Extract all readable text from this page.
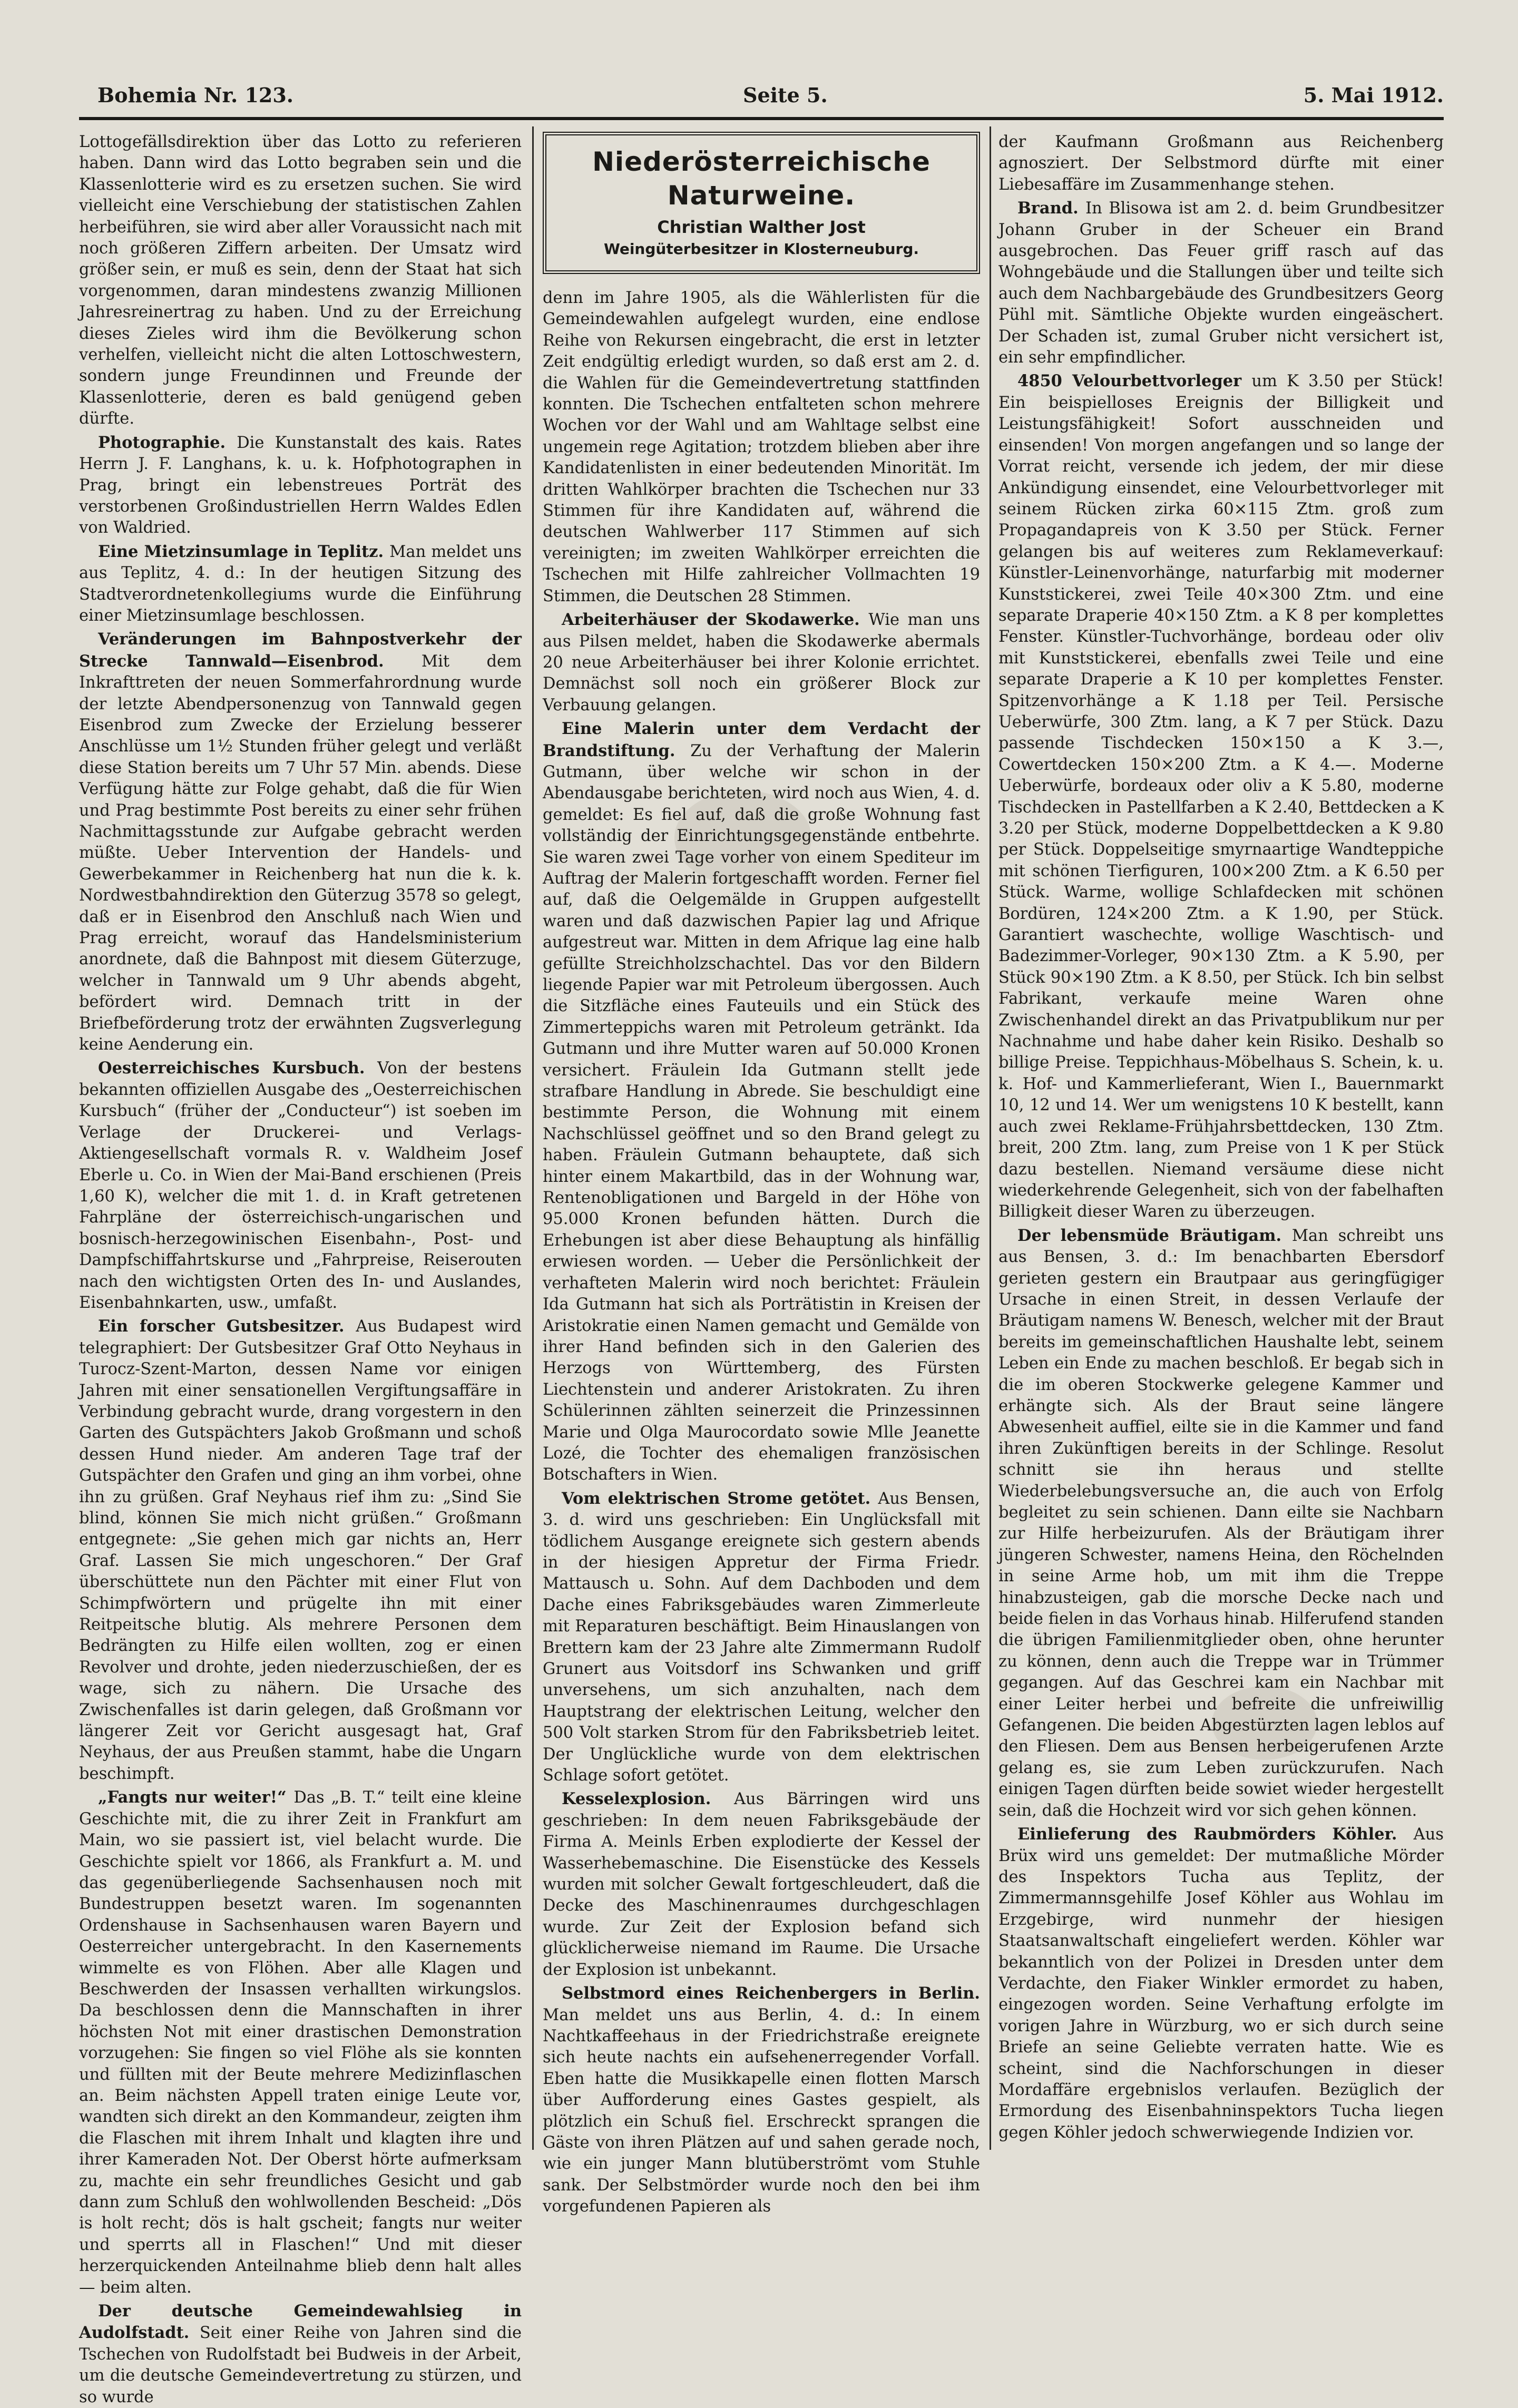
Bohemia Nr. 123.	Seite 5.	5. Mai 1912.

Lottogefällsdirektion über das Lotto zu referieren haben. Dann wird das Lotto begraben sein und die Klassenlotterie wird es zu ersetzen suchen. Sie wird vielleicht eine Verschiebung der statistischen Zahlen herbeiführen, sie wird aber aller Voraussicht nach mit noch größeren Ziffern arbeiten. Der Umsatz wird größer sein, er muß es sein, denn der Staat hat sich vorgenommen, daran mindestens zwanzig Millionen Jahresreinertrag zu haben. Und zu der Erreichung dieses Zieles wird ihm die Bevölkerung schon verhelfen, vielleicht nicht die alten Lottoschwestern, sondern junge Freundinnen und Freunde der Klassenlotterie, deren es bald genügend geben dürfte.

Photographie. Die Kunstanstalt des kais. Rates Herrn J. F. Langhans, k. u. k. Hofphotographen in Prag, bringt ein lebenstreues Porträt des verstorbenen Großindustriellen Herrn Waldes Edlen von Waldried.

Eine Mietzinsumlage in Teplitz. Man meldet uns aus Teplitz, 4. d.: In der heutigen Sitzung des Stadtverordnetenkollegiums wurde die Einführung einer Mietzinsumlage beschlossen.

Veränderungen im Bahnpostverkehr der Strecke Tannwald—Eisenbrod. Mit dem Inkrafttreten der neuen Sommerfahrordnung wurde der letzte Abendpersonenzug von Tannwald gegen Eisenbrod zum Zwecke der Erzielung besserer Anschlüsse um 1½ Stunden früher gelegt und verläßt diese Station bereits um 7 Uhr 57 Min. abends. Diese Verfügung hätte zur Folge gehabt, daß die für Wien und Prag bestimmte Post bereits zu einer sehr frühen Nachmittagsstunde zur Aufgabe gebracht werden müßte. Ueber Intervention der Handels- und Gewerbekammer in Reichenberg hat nun die k. k. Nordwestbahndirektion den Güterzug 3578 so gelegt, daß er in Eisenbrod den Anschluß nach Wien und Prag erreicht, worauf das Handelsministerium anordnete, daß die Bahnpost mit diesem Güterzuge, welcher in Tannwald um 9 Uhr abends abgeht, befördert wird. Demnach tritt in der Briefbeförderung trotz der erwähnten Zugsverlegung keine Aenderung ein.

Oesterreichisches Kursbuch. Von der bestens bekannten offiziellen Ausgabe des „Oesterreichischen Kursbuch“ (früher der „Conducteur“) ist soeben im Verlage der Druckerei- und Verlags-Aktiengesellschaft vormals R. v. Waldheim Josef Eberle u. Co. in Wien der Mai-Band erschienen (Preis 1,60 K), welcher die mit 1. d. in Kraft getretenen Fahrpläne der österreichisch-ungarischen und bosnisch-herzegowinischen Eisenbahn-, Post- und Dampfschiffahrtskurse und „Fahrpreise, Reiserouten nach den wichtigsten Orten des In- und Auslandes, Eisenbahnkarten, usw., umfaßt.

Ein forscher Gutsbesitzer. Aus Budapest wird telegraphiert: Der Gutsbesitzer Graf Otto Neyhaus in Turocz-Szent-Marton, dessen Name vor einigen Jahren mit einer sensationellen Vergiftungsaffäre in Verbindung gebracht wurde, drang vorgestern in den Garten des Gutspächters Jakob Großmann und schoß dessen Hund nieder. Am anderen Tage traf der Gutspächter den Grafen und ging an ihm vorbei, ohne ihn zu grüßen. Graf Neyhaus rief ihm zu: „Sind Sie blind, können Sie mich nicht grüßen.“ Großmann entgegnete: „Sie gehen mich gar nichts an, Herr Graf. Lassen Sie mich ungeschoren.“ Der Graf überschüttete nun den Pächter mit einer Flut von Schimpfwörtern und prügelte ihn mit einer Reitpeitsche blutig. Als mehrere Personen dem Bedrängten zu Hilfe eilen wollten, zog er einen Revolver und drohte, jeden niederzuschießen, der es wage, sich zu nähern. Die Ursache des Zwischenfalles ist darin gelegen, daß Großmann vor längerer Zeit vor Gericht ausgesagt hat, Graf Neyhaus, der aus Preußen stammt, habe die Ungarn beschimpft.

„Fangts nur weiter!“ Das „B. T.“ teilt eine kleine Geschichte mit, die zu ihrer Zeit in Frankfurt am Main, wo sie passiert ist, viel belacht wurde. Die Geschichte spielt vor 1866, als Frankfurt a. M. und das gegenüberliegende Sachsenhausen noch mit Bundestruppen besetzt waren. Im sogenannten Ordenshause in Sachsenhausen waren Bayern und Oesterreicher untergebracht. In den Kasernements wimmelte es von Flöhen. Aber alle Klagen und Beschwerden der Insassen verhallten wirkungslos. Da beschlossen denn die Mannschaften in ihrer höchsten Not mit einer drastischen Demonstration vorzugehen: Sie fingen so viel Flöhe als sie konnten und füllten mit der Beute mehrere Medizinflaschen an. Beim nächsten Appell traten einige Leute vor, wandten sich direkt an den Kommandeur, zeigten ihm die Flaschen mit ihrem Inhalt und klagten ihre und ihrer Kameraden Not. Der Oberst hörte aufmerksam zu, machte ein sehr freundliches Gesicht und gab dann zum Schluß den wohlwollenden Bescheid: „Dös is holt recht; dös is halt gscheit; fangts nur weiter und sperrts all in Flaschen!“ Und mit dieser herzerquickenden Anteilnahme blieb denn halt alles — beim alten.

Der deutsche Gemeindewahlsieg in Audolfstadt. Seit einer Reihe von Jahren sind die Tschechen von Rudolfstadt bei Budweis in der Arbeit, um die deutsche Gemeindevertretung zu stürzen, und so wurde

Niederösterreichische Naturweine.
Christian Walther Jost
Weingüterbesitzer in Klosterneuburg.

denn im Jahre 1905, als die Wählerlisten für die Gemeindewahlen aufgelegt wurden, eine endlose Reihe von Rekursen eingebracht, die erst in letzter Zeit endgültig erledigt wurden, so daß erst am 2. d. die Wahlen für die Gemeindevertretung stattfinden konnten. Die Tschechen entfalteten schon mehrere Wochen vor der Wahl und am Wahltage selbst eine ungemein rege Agitation; trotzdem blieben aber ihre Kandidatenlisten in einer bedeutenden Minorität. Im dritten Wahlkörper brachten die Tschechen nur 33 Stimmen für ihre Kandidaten auf, während die deutschen Wahlwerber 117 Stimmen auf sich vereinigten; im zweiten Wahlkörper erreichten die Tschechen mit Hilfe zahlreicher Vollmachten 19 Stimmen, die Deutschen 28 Stimmen.

Arbeiterhäuser der Skodawerke. Wie man uns aus Pilsen meldet, haben die Skodawerke abermals 20 neue Arbeiterhäuser bei ihrer Kolonie errichtet. Demnächst soll noch ein größerer Block zur Verbauung gelangen.

Eine Malerin unter dem Verdacht der Brandstiftung. Zu der Verhaftung der Malerin Gutmann, über welche wir schon in der Abendausgabe berichteten, wird noch aus Wien, 4. d. gemeldet: Es fiel auf, daß die große Wohnung fast vollständig der Einrichtungsgegenstände entbehrte. Sie waren zwei Tage vorher von einem Spediteur im Auftrag der Malerin fortgeschafft worden. Ferner fiel auf, daß die Oelgemälde in Gruppen aufgestellt waren und daß dazwischen Papier lag und Afrique aufgestreut war. Mitten in dem Afrique lag eine halb gefüllte Streichholzschachtel. Das vor den Bildern liegende Papier war mit Petroleum übergossen. Auch die Sitzfläche eines Fauteuils und ein Stück des Zimmerteppichs waren mit Petroleum getränkt. Ida Gutmann und ihre Mutter waren auf 50.000 Kronen versichert. Fräulein Ida Gutmann stellt jede strafbare Handlung in Abrede. Sie beschuldigt eine bestimmte Person, die Wohnung mit einem Nachschlüssel geöffnet und so den Brand gelegt zu haben. Fräulein Gutmann behauptete, daß sich hinter einem Makartbild, das in der Wohnung war, Rentenobligationen und Bargeld in der Höhe von 95.000 Kronen befunden hätten. Durch die Erhebungen ist aber diese Behauptung als hinfällig erwiesen worden. — Ueber die Persönlichkeit der verhafteten Malerin wird noch berichtet: Fräulein Ida Gutmann hat sich als Porträtistin in Kreisen der Aristokratie einen Namen gemacht und Gemälde von ihrer Hand befinden sich in den Galerien des Herzogs von Württemberg, des Fürsten Liechtenstein und anderer Aristokraten. Zu ihren Schülerinnen zählten seinerzeit die Prinzessinnen Marie und Olga Maurocordato sowie Mlle Jeanette Lozé, die Tochter des ehemaligen französischen Botschafters in Wien.

Vom elektrischen Strome getötet. Aus Bensen, 3. d. wird uns geschrieben: Ein Unglücksfall mit tödlichem Ausgange ereignete sich gestern abends in der hiesigen Appretur der Firma Friedr. Mattausch u. Sohn. Auf dem Dachboden und dem Dache eines Fabriksgebäudes waren Zimmerleute mit Reparaturen beschäftigt. Beim Hinauslangen von Brettern kam der 23 Jahre alte Zimmermann Rudolf Grunert aus Voitsdorf ins Schwanken und griff unversehens, um sich anzuhalten, nach dem Hauptstrang der elektrischen Leitung, welcher den 500 Volt starken Strom für den Fabriksbetrieb leitet. Der Unglückliche wurde von dem elektrischen Schlage sofort getötet.

Kesselexplosion. Aus Bärringen wird uns geschrieben: In dem neuen Fabriksgebäude der Firma A. Meinls Erben explodierte der Kessel der Wasserhebemaschine. Die Eisenstücke des Kessels wurden mit solcher Gewalt fortgeschleudert, daß die Decke des Maschinenraumes durchgeschlagen wurde. Zur Zeit der Explosion befand sich glücklicherweise niemand im Raume. Die Ursache der Explosion ist unbekannt.

Selbstmord eines Reichenbergers in Berlin. Man meldet uns aus Berlin, 4. d.: In einem Nachtkaffeehaus in der Friedrichstraße ereignete sich heute nachts ein aufsehenerregender Vorfall. Eben hatte die Musikkapelle einen flotten Marsch über Aufforderung eines Gastes gespielt, als plötzlich ein Schuß fiel. Erschreckt sprangen die Gäste von ihren Plätzen auf und sahen gerade noch, wie ein junger Mann blutüberströmt vom Stuhle sank. Der Selbstmörder wurde noch den bei ihm vorgefundenen Papieren als

der Kaufmann Großmann aus Reichenberg agnosziert. Der Selbstmord dürfte mit einer Liebesaffäre im Zusammenhange stehen.

Brand. In Blisowa ist am 2. d. beim Grundbesitzer Johann Gruber in der Scheuer ein Brand ausgebrochen. Das Feuer griff rasch auf das Wohngebäude und die Stallungen über und teilte sich auch dem Nachbargebäude des Grundbesitzers Georg Pühl mit. Sämtliche Objekte wurden eingeäschert. Der Schaden ist, zumal Gruber nicht versichert ist, ein sehr empfindlicher.

4850 Velourbettvorleger um K 3.50 per Stück! Ein beispielloses Ereignis der Billigkeit und Leistungsfähigkeit! Sofort ausschneiden und einsenden! Von morgen angefangen und so lange der Vorrat reicht, versende ich jedem, der mir diese Ankündigung einsendet, eine Velourbettvorleger mit seinem Rücken zirka 60×115 Ztm. groß zum Propagandapreis von K 3.50 per Stück. Ferner gelangen bis auf weiteres zum Reklameverkauf: Künstler-Leinenvorhänge, naturfarbig mit moderner Kunststickerei, zwei Teile 40×300 Ztm. und eine separate Draperie 40×150 Ztm. a K 8 per komplettes Fenster. Künstler-Tuchvorhänge, bordeau oder oliv mit Kunststickerei, ebenfalls zwei Teile und eine separate Draperie a K 10 per komplettes Fenster. Spitzenvorhänge a K 1.18 per Teil. Persische Ueberwürfe, 300 Ztm. lang, a K 7 per Stück. Dazu passende Tischdecken 150×150 a K 3.—, Cowertdecken 150×200 Ztm. a K 4.—. Moderne Ueberwürfe, bordeaux oder oliv a K 5.80, moderne Tischdecken in Pastellfarben a K 2.40, Bettdecken a K 3.20 per Stück, moderne Doppelbettdecken a K 9.80 per Stück. Doppelseitige smyrnaartige Wandteppiche mit schönen Tierfiguren, 100×200 Ztm. a K 6.50 per Stück. Warme, wollige Schlafdecken mit schönen Bordüren, 124×200 Ztm. a K 1.90, per Stück. Garantiert waschechte, wollige Waschtisch- und Badezimmer-Vorleger, 90×130 Ztm. a K 5.90, per Stück 90×190 Ztm. a K 8.50, per Stück. Ich bin selbst Fabrikant, verkaufe meine Waren ohne Zwischenhandel direkt an das Privatpublikum nur per Nachnahme und habe daher kein Risiko. Deshalb so billige Preise. Teppichhaus-Möbelhaus S. Schein, k. u. k. Hof- und Kammerlieferant, Wien I., Bauernmarkt 10, 12 und 14. Wer um wenigstens 10 K bestellt, kann auch zwei Reklame-Frühjahrsbettdecken, 130 Ztm. breit, 200 Ztm. lang, zum Preise von 1 K per Stück dazu bestellen. Niemand versäume diese nicht wiederkehrende Gelegenheit, sich von der fabelhaften Billigkeit dieser Waren zu überzeugen.

Der lebensmüde Bräutigam. Man schreibt uns aus Bensen, 3. d.: Im benachbarten Ebersdorf gerieten gestern ein Brautpaar aus geringfügiger Ursache in einen Streit, in dessen Verlaufe der Bräutigam namens W. Benesch, welcher mit der Braut bereits im gemeinschaftlichen Haushalte lebt, seinem Leben ein Ende zu machen beschloß. Er begab sich in die im oberen Stockwerke gelegene Kammer und erhängte sich. Als der Braut seine längere Abwesenheit auffiel, eilte sie in die Kammer und fand ihren Zukünftigen bereits in der Schlinge. Resolut schnitt sie ihn heraus und stellte Wiederbelebungsversuche an, die auch von Erfolg begleitet zu sein schienen. Dann eilte sie Nachbarn zur Hilfe herbeizurufen. Als der Bräutigam ihrer jüngeren Schwester, namens Heina, den Röchelnden in seine Arme hob, um mit ihm die Treppe hinabzusteigen, gab die morsche Decke nach und beide fielen in das Vorhaus hinab. Hilferufend standen die übrigen Familienmitglieder oben, ohne herunter zu können, denn auch die Treppe war in Trümmer gegangen. Auf das Geschrei kam ein Nachbar mit einer Leiter herbei und befreite die unfreiwillig Gefangenen. Die beiden Abgestürzten lagen leblos auf den Fliesen. Dem aus Bensen herbeigerufenen Arzte gelang es, sie zum Leben zurückzurufen. Nach einigen Tagen dürften beide sowiet wieder hergestellt sein, daß die Hochzeit wird vor sich gehen können.

Einlieferung des Raubmörders Köhler. Aus Brüx wird uns gemeldet: Der mutmaßliche Mörder des Inspektors Tucha aus Teplitz, der Zimmermannsgehilfe Josef Köhler aus Wohlau im Erzgebirge, wird nunmehr der hiesigen Staatsanwaltschaft eingeliefert werden. Köhler war bekanntlich von der Polizei in Dresden unter dem Verdachte, den Fiaker Winkler ermordet zu haben, eingezogen worden. Seine Verhaftung erfolgte im vorigen Jahre in Würzburg, wo er sich durch seine Briefe an seine Geliebte verraten hatte. Wie es scheint, sind die Nachforschungen in dieser Mordaffäre ergebnislos verlaufen. Bezüglich der Ermordung des Eisenbahninspektors Tucha liegen gegen Köhler jedoch schwerwiegende Indizien vor.
